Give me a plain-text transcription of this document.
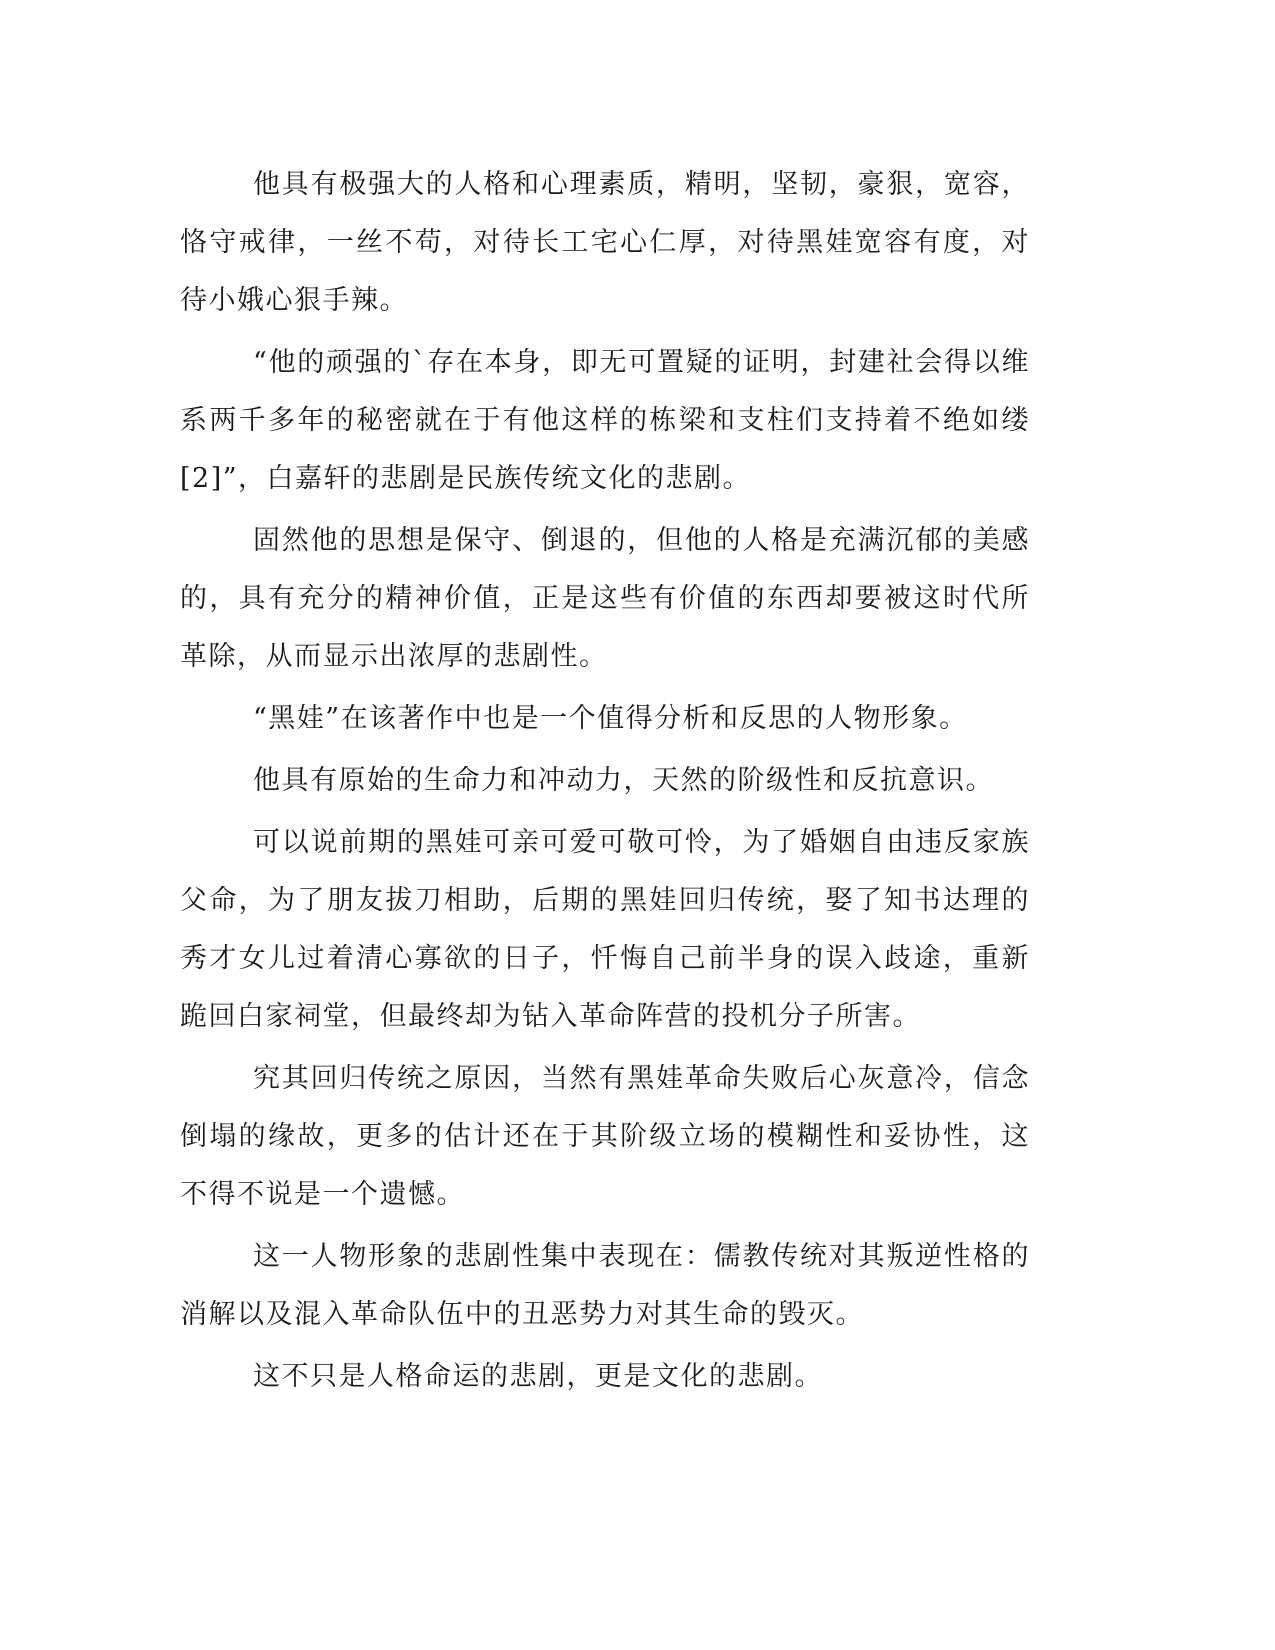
他具有极强大的人格和心理素质，精明，坚韧，豪狠，宽容，恪守戒律，一丝不苟，对待长工宅心仁厚，对待黑娃宽容有度，对待小娥心狠手辣。

“他的顽强的`存在本身，即无可置疑的证明，封建社会得以维系两千多年的秘密就在于有他这样的栋梁和支柱们支持着不绝如缕[2]”，白嘉轩的悲剧是民族传统文化的悲剧。

固然他的思想是保守、倒退的，但他的人格是充满沉郁的美感的，具有充分的精神价值，正是这些有价值的东西却要被这时代所革除，从而显示出浓厚的悲剧性。

“黑娃”在该著作中也是一个值得分析和反思的人物形象。

他具有原始的生命力和冲动力，天然的阶级性和反抗意识。

可以说前期的黑娃可亲可爱可敬可怜，为了婚姻自由违反家族父命，为了朋友拔刀相助，后期的黑娃回归传统，娶了知书达理的秀才女儿过着清心寡欲的日子，忏悔自己前半身的误入歧途，重新跪回白家祠堂，但最终却为钻入革命阵营的投机分子所害。

究其回归传统之原因，当然有黑娃革命失败后心灰意冷，信念倒塌的缘故，更多的估计还在于其阶级立场的模糊性和妥协性，这不得不说是一个遗憾。

这一人物形象的悲剧性集中表现在：儒教传统对其叛逆性格的消解以及混入革命队伍中的丑恶势力对其生命的毁灭。

这不只是人格命运的悲剧，更是文化的悲剧。
